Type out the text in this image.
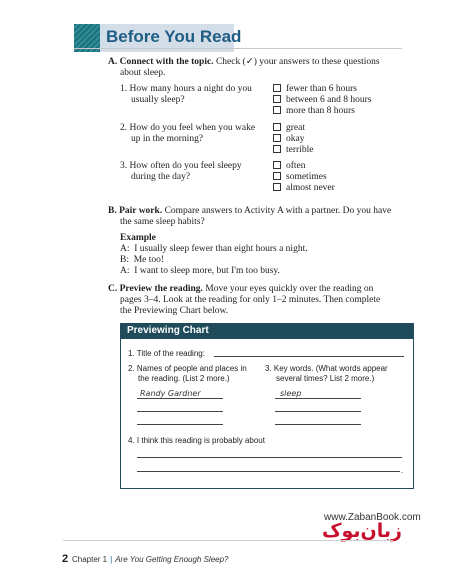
Before You Read
A. Connect with the topic. Check (✓) your answers to these questions
about sleep.
1. How many hours a night do you
usually sleep?
fewer than 6 hours
between 6 and 8 hours
more than 8 hours
2. How do you feel when you wake
up in the morning?
great
okay
terrible
3. How often do you feel sleepy
during the day?
often
sometimes
almost never
B. Pair work. Compare answers to Activity A with a partner. Do you have
the same sleep habits?
Example
A: I usually sleep fewer than eight hours a night.
B: Me too!
A: I want to sleep more, but I'm too busy.
C. Preview the reading. Move your eyes quickly over the reading on
pages 3–4. Look at the reading for only 1–2 minutes. Then complete
the Previewing Chart below.
Previewing Chart
1. Title of the reading:
2. Names of people and places in
the reading. (List 2 more.)
Randy Gardner
3. Key words. (What words appear
several times? List 2 more.)
sleep
4. I think this reading is probably about
.
www.ZabanBook.com
زبان‌بوک
2 Chapter 1 | Are You Getting Enough Sleep?
